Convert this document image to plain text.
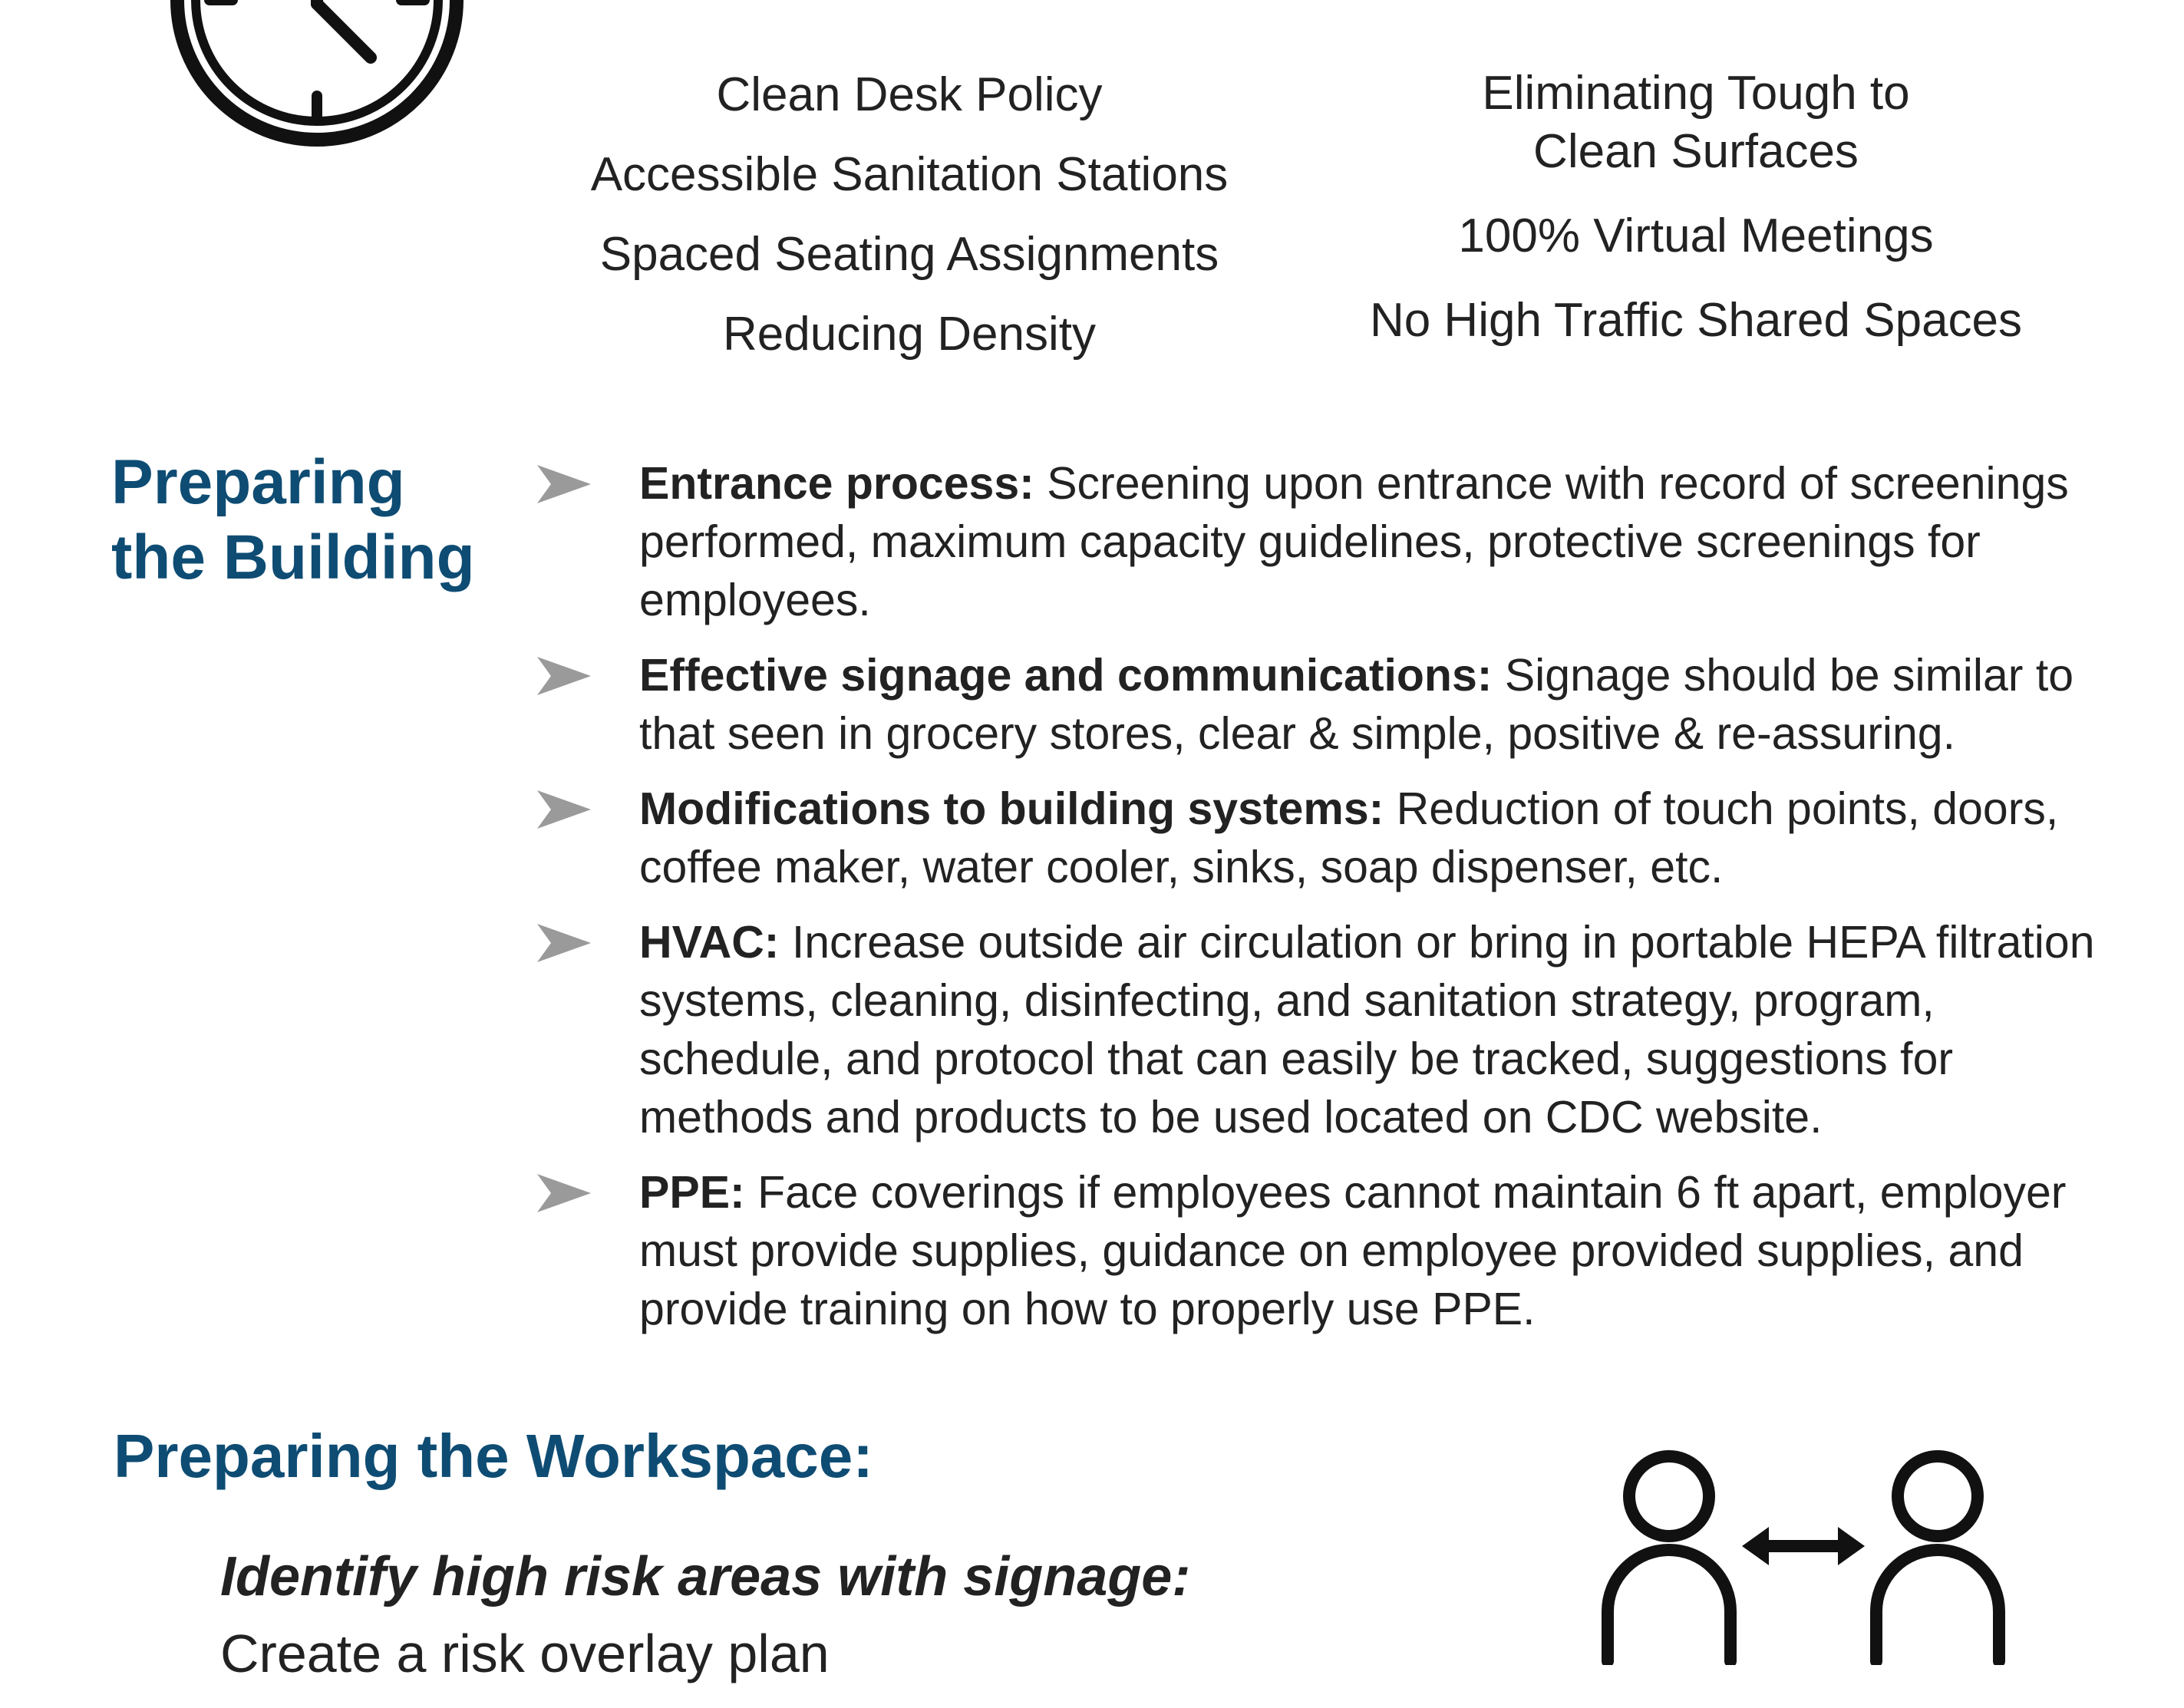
Clean Desk Policy
Accessible Sanitation Stations
Spaced Seating Assignments
Reducing Density
Eliminating Tough to Clean Surfaces
100% Virtual Meetings
No High Traffic Shared Spaces
Preparing the Building
Entrance process: Screening upon entrance with record of screenings performed, maximum capacity guidelines, protective screenings for employees.
Effective signage and communications: Signage should be similar to that seen in grocery stores, clear & simple, positive & re-assuring.
Modifications to building systems: Reduction of touch points, doors, coffee maker, water cooler, sinks, soap dispenser, etc.
HVAC: Increase outside air circulation or bring in portable HEPA filtration systems, cleaning, disinfecting, and sanitation strategy, program, schedule, and protocol that can easily be tracked, suggestions for methods and products to be used located on CDC website.
PPE: Face coverings if employees cannot maintain 6 ft apart, employer must provide supplies, guidance on employee provided supplies, and provide training on how to properly use PPE.
Preparing the Workspace:
Identify high risk areas with signage:
Create a risk overlay plan
